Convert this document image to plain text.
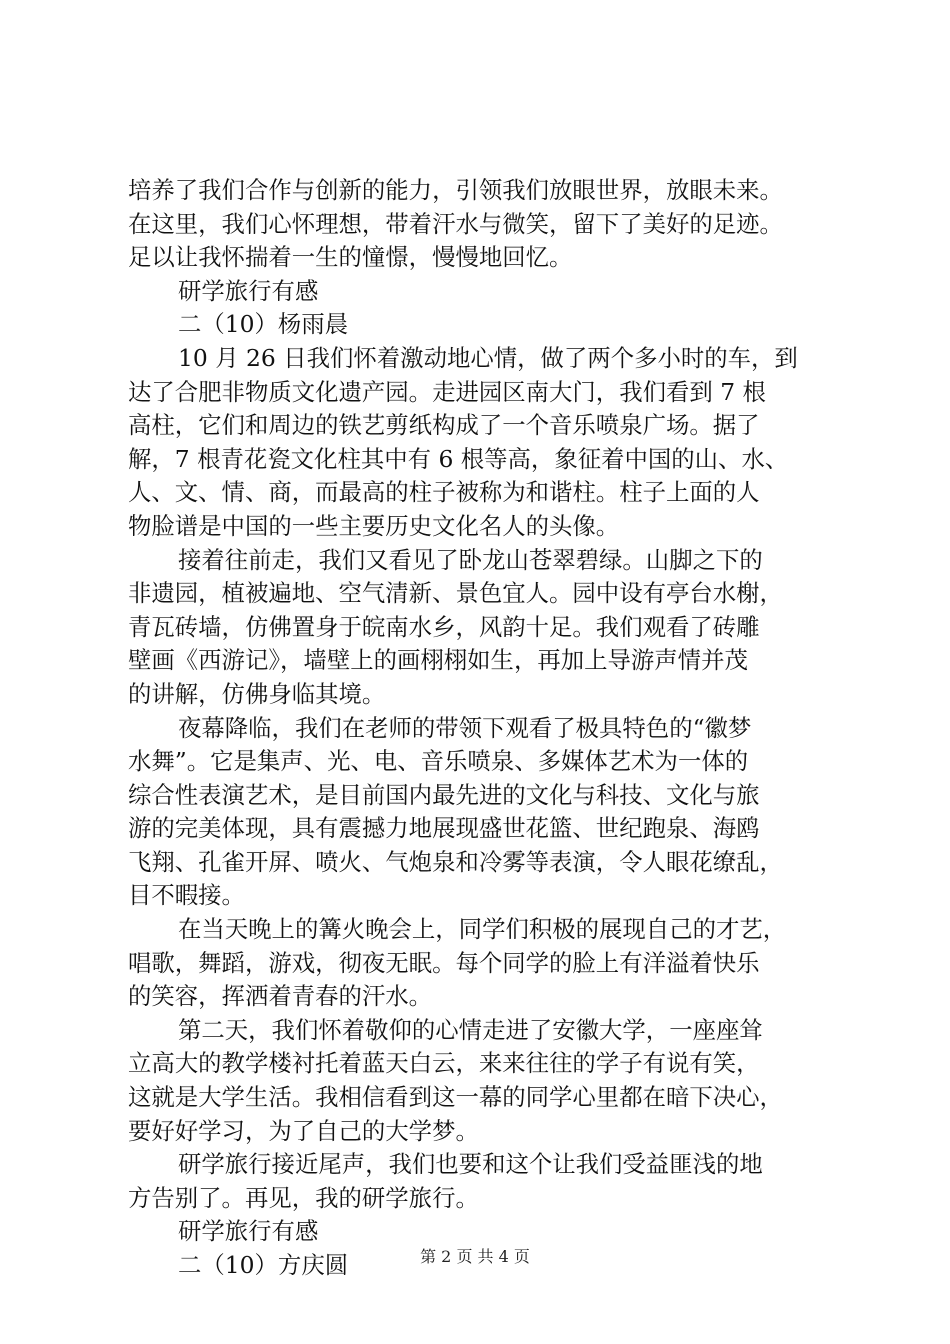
培养了我们合作与创新的能力，引领我们放眼世界，放眼未来。
在这里，我们心怀理想，带着汗水与微笑，留下了美好的足迹。
足以让我怀揣着一生的憧憬，慢慢地回忆。
研学旅行有感
二（10）杨雨晨
10 月 26 日我们怀着激动地心情，做了两个多小时的车，到
达了合肥非物质文化遗产园。走进园区南大门，我们看到 7 根
高柱，它们和周边的铁艺剪纸构成了一个音乐喷泉广场。据了
解，7 根青花瓷文化柱其中有 6 根等高，象征着中国的山、水、
人、文、情、商，而最高的柱子被称为和谐柱。柱子上面的人
物脸谱是中国的一些主要历史文化名人的头像。
接着往前走，我们又看见了卧龙山苍翠碧绿。山脚之下的
非遗园，植被遍地、空气清新、景色宜人。园中设有亭台水榭，
青瓦砖墙，仿佛置身于皖南水乡，风韵十足。我们观看了砖雕
壁画《西游记》，墙壁上的画栩栩如生，再加上导游声情并茂
的讲解，仿佛身临其境。
夜幕降临，我们在老师的带领下观看了极具特色的“徽梦
水舞”。它是集声、光、电、音乐喷泉、多媒体艺术为一体的
综合性表演艺术，是目前国内最先进的文化与科技、文化与旅
游的完美体现，具有震撼力地展现盛世花篮、世纪跑泉、海鸥
飞翔、孔雀开屏、喷火、气炮泉和冷雾等表演，令人眼花缭乱，
目不暇接。
在当天晚上的篝火晚会上，同学们积极的展现自己的才艺，
唱歌，舞蹈，游戏，彻夜无眠。每个同学的脸上有洋溢着快乐
的笑容，挥洒着青春的汗水。
第二天，我们怀着敬仰的心情走进了安徽大学，一座座耸
立高大的教学楼衬托着蓝天白云，来来往往的学子有说有笑，
这就是大学生活。我相信看到这一幕的同学心里都在暗下决心，
要好好学习，为了自己的大学梦。
研学旅行接近尾声，我们也要和这个让我们受益匪浅的地
方告别了。再见，我的研学旅行。
研学旅行有感
二（10）方庆圆	第 2 页 共 4 页
